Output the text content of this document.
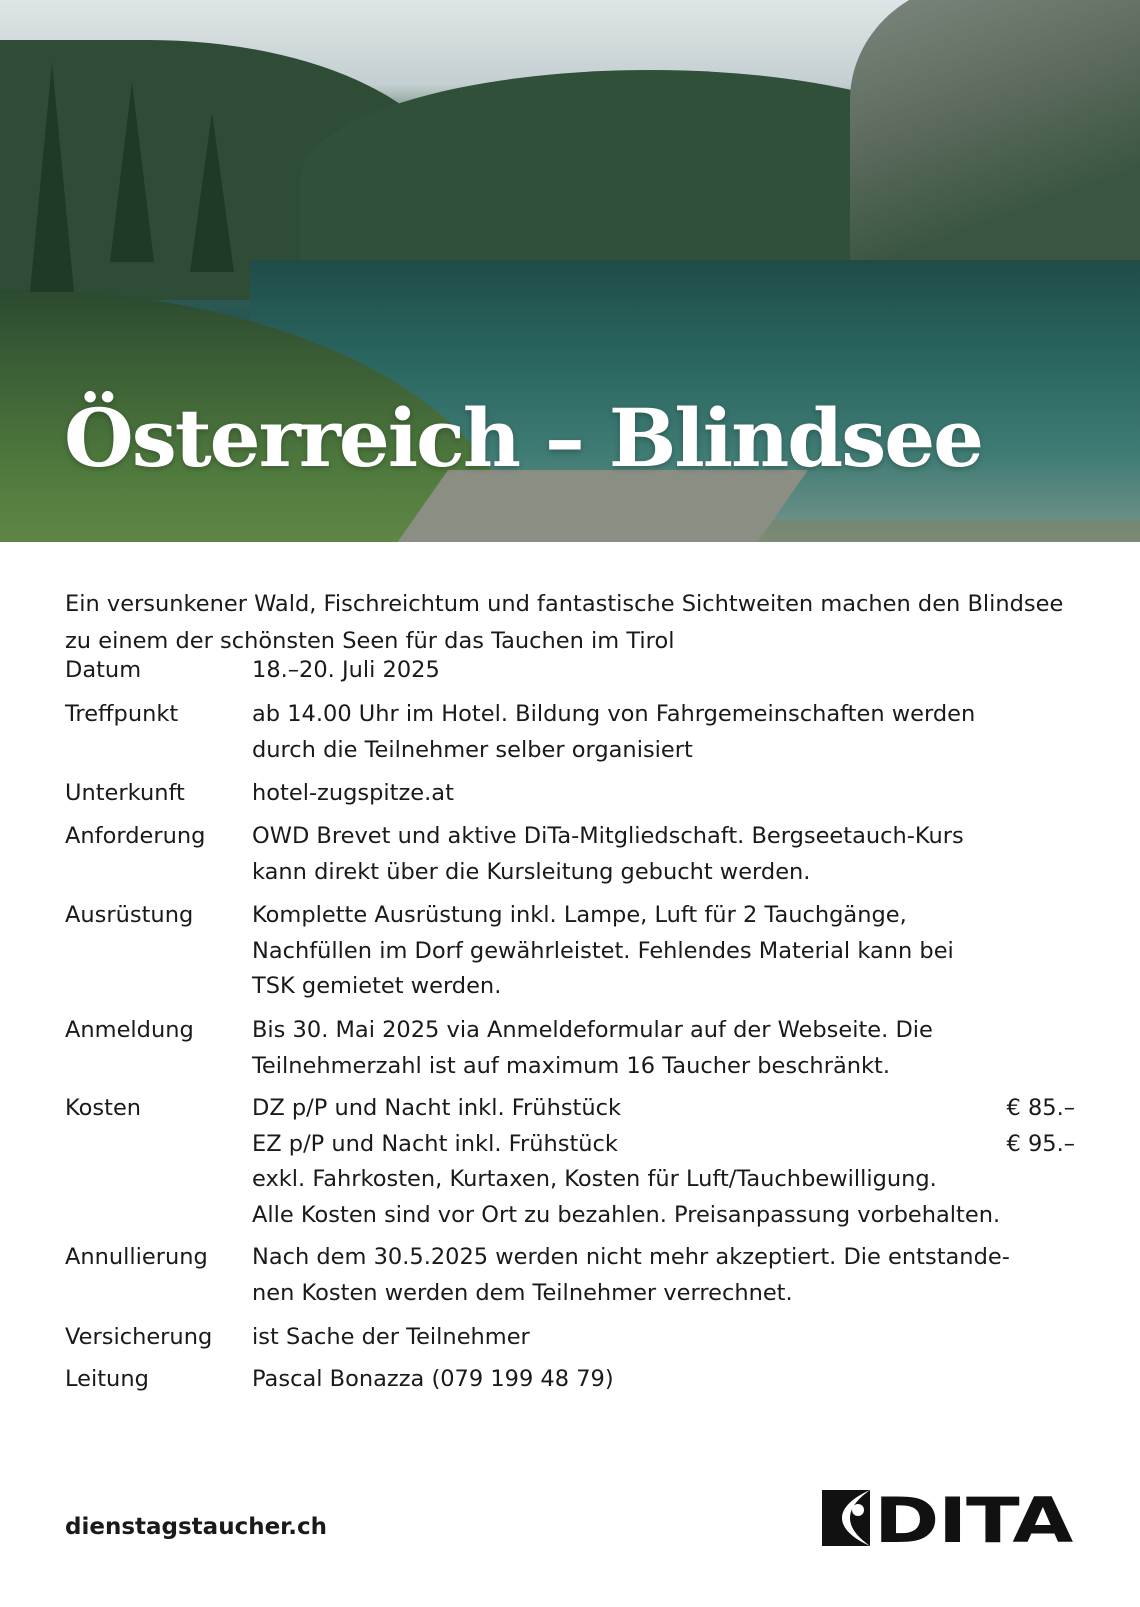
Österreich – Blindsee
Ein versunkener Wald, Fischreichtum und fantastische Sichtweiten machen den Blindsee zu einem der schönsten Seen für das Tauchen im Tirol
Datum	18.–20. Juli 2025
Treffpunkt	ab 14.00 Uhr im Hotel. Bildung von Fahrgemeinschaften werden
durch die Teilnehmer selber organisiert
Unterkunft	hotel-zugspitze.at
Anforderung	OWD Brevet und aktive DiTa-Mitgliedschaft. Bergseetauch-Kurs
kann direkt über die Kursleitung gebucht werden.
Ausrüstung	Komplette Ausrüstung inkl. Lampe, Luft für 2 Tauchgänge,
Nachfüllen im Dorf gewährleistet. Fehlendes Material kann bei
TSK gemietet werden.
Anmeldung	Bis 30. Mai 2025 via Anmeldeformular auf der Webseite. Die
Teilnehmerzahl ist auf maximum 16 Taucher beschränkt.
Kosten	DZ p/P und Nacht inkl. Frühstück	€ 85.–
EZ p/P und Nacht inkl. Frühstück	€ 95.–
exkl. Fahrkosten, Kurtaxen, Kosten für Luft/Tauchbewilligung.
Alle Kosten sind vor Ort zu bezahlen. Preisanpassung vorbehalten.
Annullierung	Nach dem 30.5.2025 werden nicht mehr akzeptiert. Die entstande-
nen Kosten werden dem Teilnehmer verrechnet.
Versicherung	ist Sache der Teilnehmer
Leitung	Pascal Bonazza (079 199 48 79)
dienstagstaucher.ch	DITA
